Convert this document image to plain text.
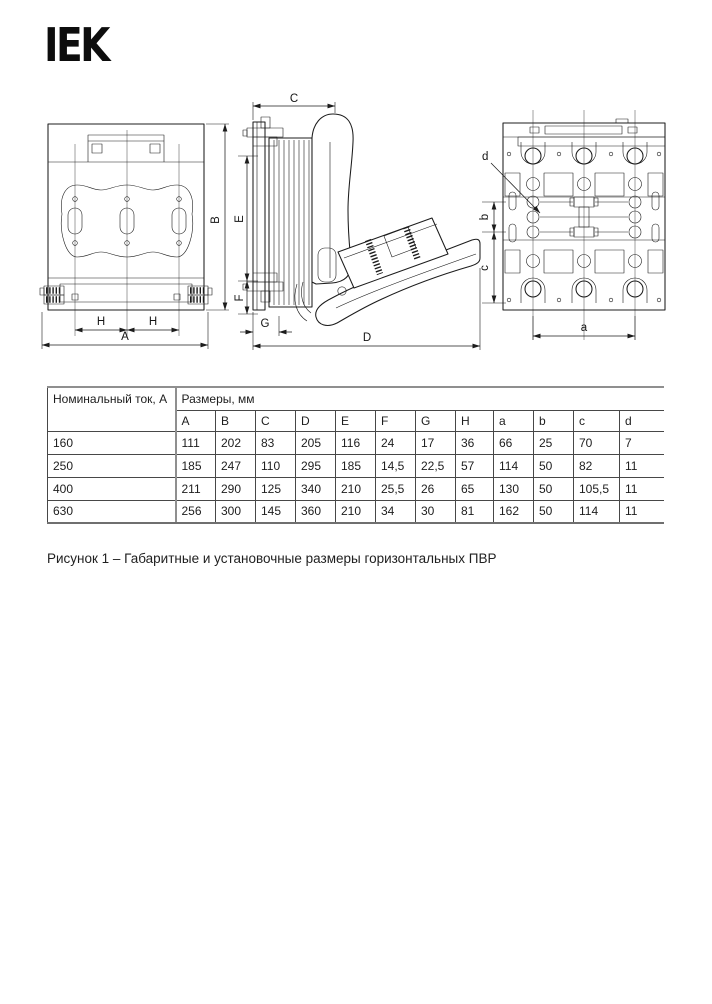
IEK
B
H	H
A
C
E
F
G
D
b
c
a
d
Номинальный ток, А	Размеры, мм											
	A	B	C	D	E	F	G	H	a	b	c	d
160	111	202	83	205	116	24	17	36	66	25	70	7
250	185	247	110	295	185	14,5	22,5	57	114	50	82	11
400	211	290	125	340	210	25,5	26	65	130	50	105,5	11
630	256	300	145	360	210	34	30	81	162	50	114	11
Рисунок 1 – Габаритные и установочные размеры горизонтальных ПВР
